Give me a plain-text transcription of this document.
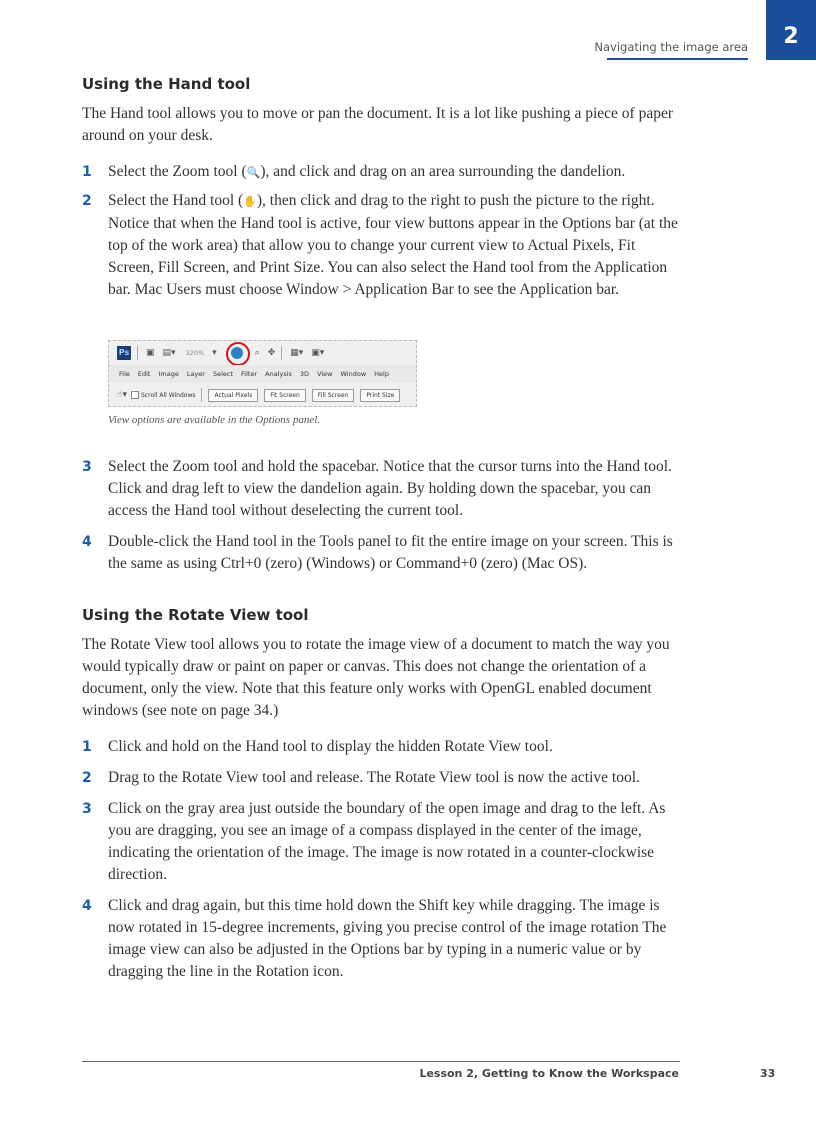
Navigating the image area	2
Using the Hand tool

The Hand tool allows you to move or pan the document. It is a lot like pushing a piece of paper around on your desk.

1 Select the Zoom tool (🔍), and click and drag on an area surrounding the dandelion.
2 Select the Hand tool (✋), then click and drag to the right to push the picture to the right. Notice that when the Hand tool is active, four view buttons appear in the Options bar (at the top of the work area) that allow you to change your current view to Actual Pixels, Fit Screen, Fill Screen, and Print Size. You can also select the Hand tool from the Application bar. Mac Users must choose Window > Application Bar to see the Application bar.
Ps ▣ ▤▾ 320% ▾	⌕ ✥ ▦▾ ▣▾
File Edit Image Layer Select Filter Analysis 3D View Window Help
☝▾ Scroll All Windows	Actual Pixels	Fit Screen	Fill Screen	Print Size

View options are available in the Options panel.

3 Select the Zoom tool and hold the spacebar. Notice that the cursor turns into the Hand tool. Click and drag left to view the dandelion again. By holding down the spacebar, you can access the Hand tool without deselecting the current tool.
4 Double-click the Hand tool in the Tools panel to fit the entire image on your screen. This is the same as using Ctrl+0 (zero) (Windows) or Command+0 (zero) (Mac OS).
Using the Rotate View tool

The Rotate View tool allows you to rotate the image view of a document to match the way you would typically draw or paint on paper or canvas. This does not change the orientation of a document, only the view. Note that this feature only works with OpenGL enabled document windows (see note on page 34.)

1 Click and hold on the Hand tool to display the hidden Rotate View tool.
2 Drag to the Rotate View tool and release. The Rotate View tool is now the active tool.
3 Click on the gray area just outside the boundary of the open image and drag to the left. As you are dragging, you see an image of a compass displayed in the center of the image, indicating the orientation of the image. The image is now rotated in a counter-clockwise direction.
4 Click and drag again, but this time hold down the Shift key while dragging. The image is now rotated in 15-degree increments, giving you precise control of the image rotation The image view can also be adjusted in the Options bar by typing in a numeric value or by dragging the line in the Rotation icon.
Lesson 2, Getting to Know the Workspace	33
